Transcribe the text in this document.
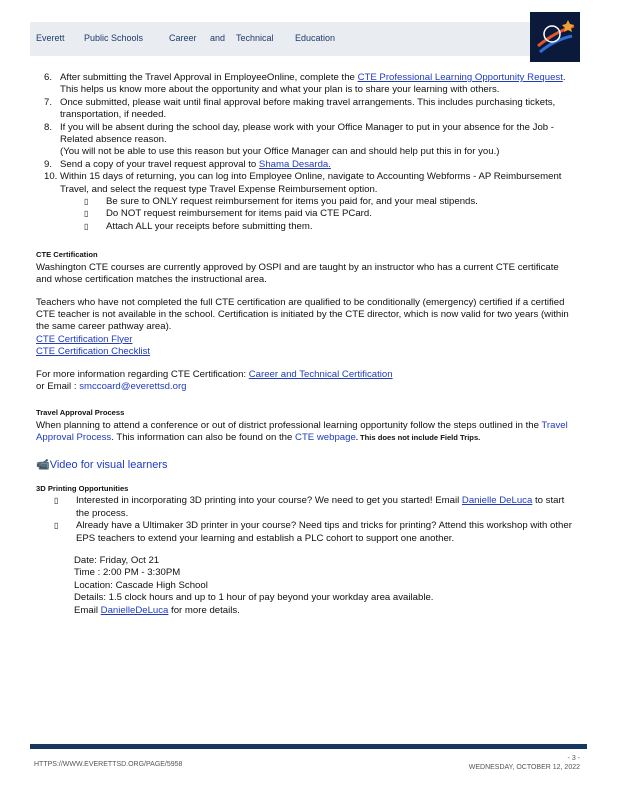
Everett Public Schools	Career and Technical Education
6. After submitting the Travel Approval in EmployeeOnline, complete the CTE Professional Learning Opportunity Request. This helps us know more about the opportunity and what your plan is to share your learning with others.
7. Once submitted, please wait until final approval before making travel arrangements. This includes purchasing tickets, transportation, if needed.
8. If you will be absent during the school day, please work with your Office Manager to put in your absence for the Job -Related absence reason.
(You will not be able to use this reason but your Office Manager can and should help put this in for you.)
9. Send a copy of your travel request approval to Shama Desarda.
10. Within 15 days of returning, you can log into Employee Online, navigate to Accounting Webforms - AP Reimbursement Travel, and select the request type Travel Expense Reimbursement option.
▯ Be sure to ONLY request reimbursement for items you paid for, and your meal stipends.
▯ Do NOT request reimbursement for items paid via CTE PCard.
▯ Attach ALL your receipts before submitting them.
CTE Certification
Washington CTE courses are currently approved by OSPI and are taught by an instructor who has a current CTE certificate and whose certification matches the instructional area.
Teachers who have not completed the full CTE certification are qualified to be conditionally (emergency) certified if a certified CTE teacher is not available in the school. Certification is initiated by the CTE director, which is now valid for two years (within the same career pathway area).
CTE Certification Flyer
CTE Certification Checklist
For more information regarding CTE Certification: Career and Technical Certification
or Email : smccoard@everettsd.org
Travel Approval Process
When planning to attend a conference or out of district professional learning opportunity follow the steps outlined in the Travel Approval Process. This information can also be found on the CTE webpage. This does not include Field Trips.
📹Video for visual learners
3D Printing Opportunities
▯ Interested in incorporating 3D printing into your course? We need to get you started! Email Danielle DeLuca to start the process.
▯ Already have a Ultimaker 3D printer in your course? Need tips and tricks for printing? Attend this workshop with other EPS teachers to extend your learning and establish a PLC cohort to support one another.
Date: Friday, Oct 21
Time : 2:00 PM - 3:30PM
Location: Cascade High School
Details: 1.5 clock hours and up to 1 hour of pay beyond your workday area available.
Email DanielleDeLuca for more details.
HTTPS://WWW.EVERETTSD.ORG/PAGE/5958
- 3 -
WEDNESDAY, OCTOBER 12, 2022
